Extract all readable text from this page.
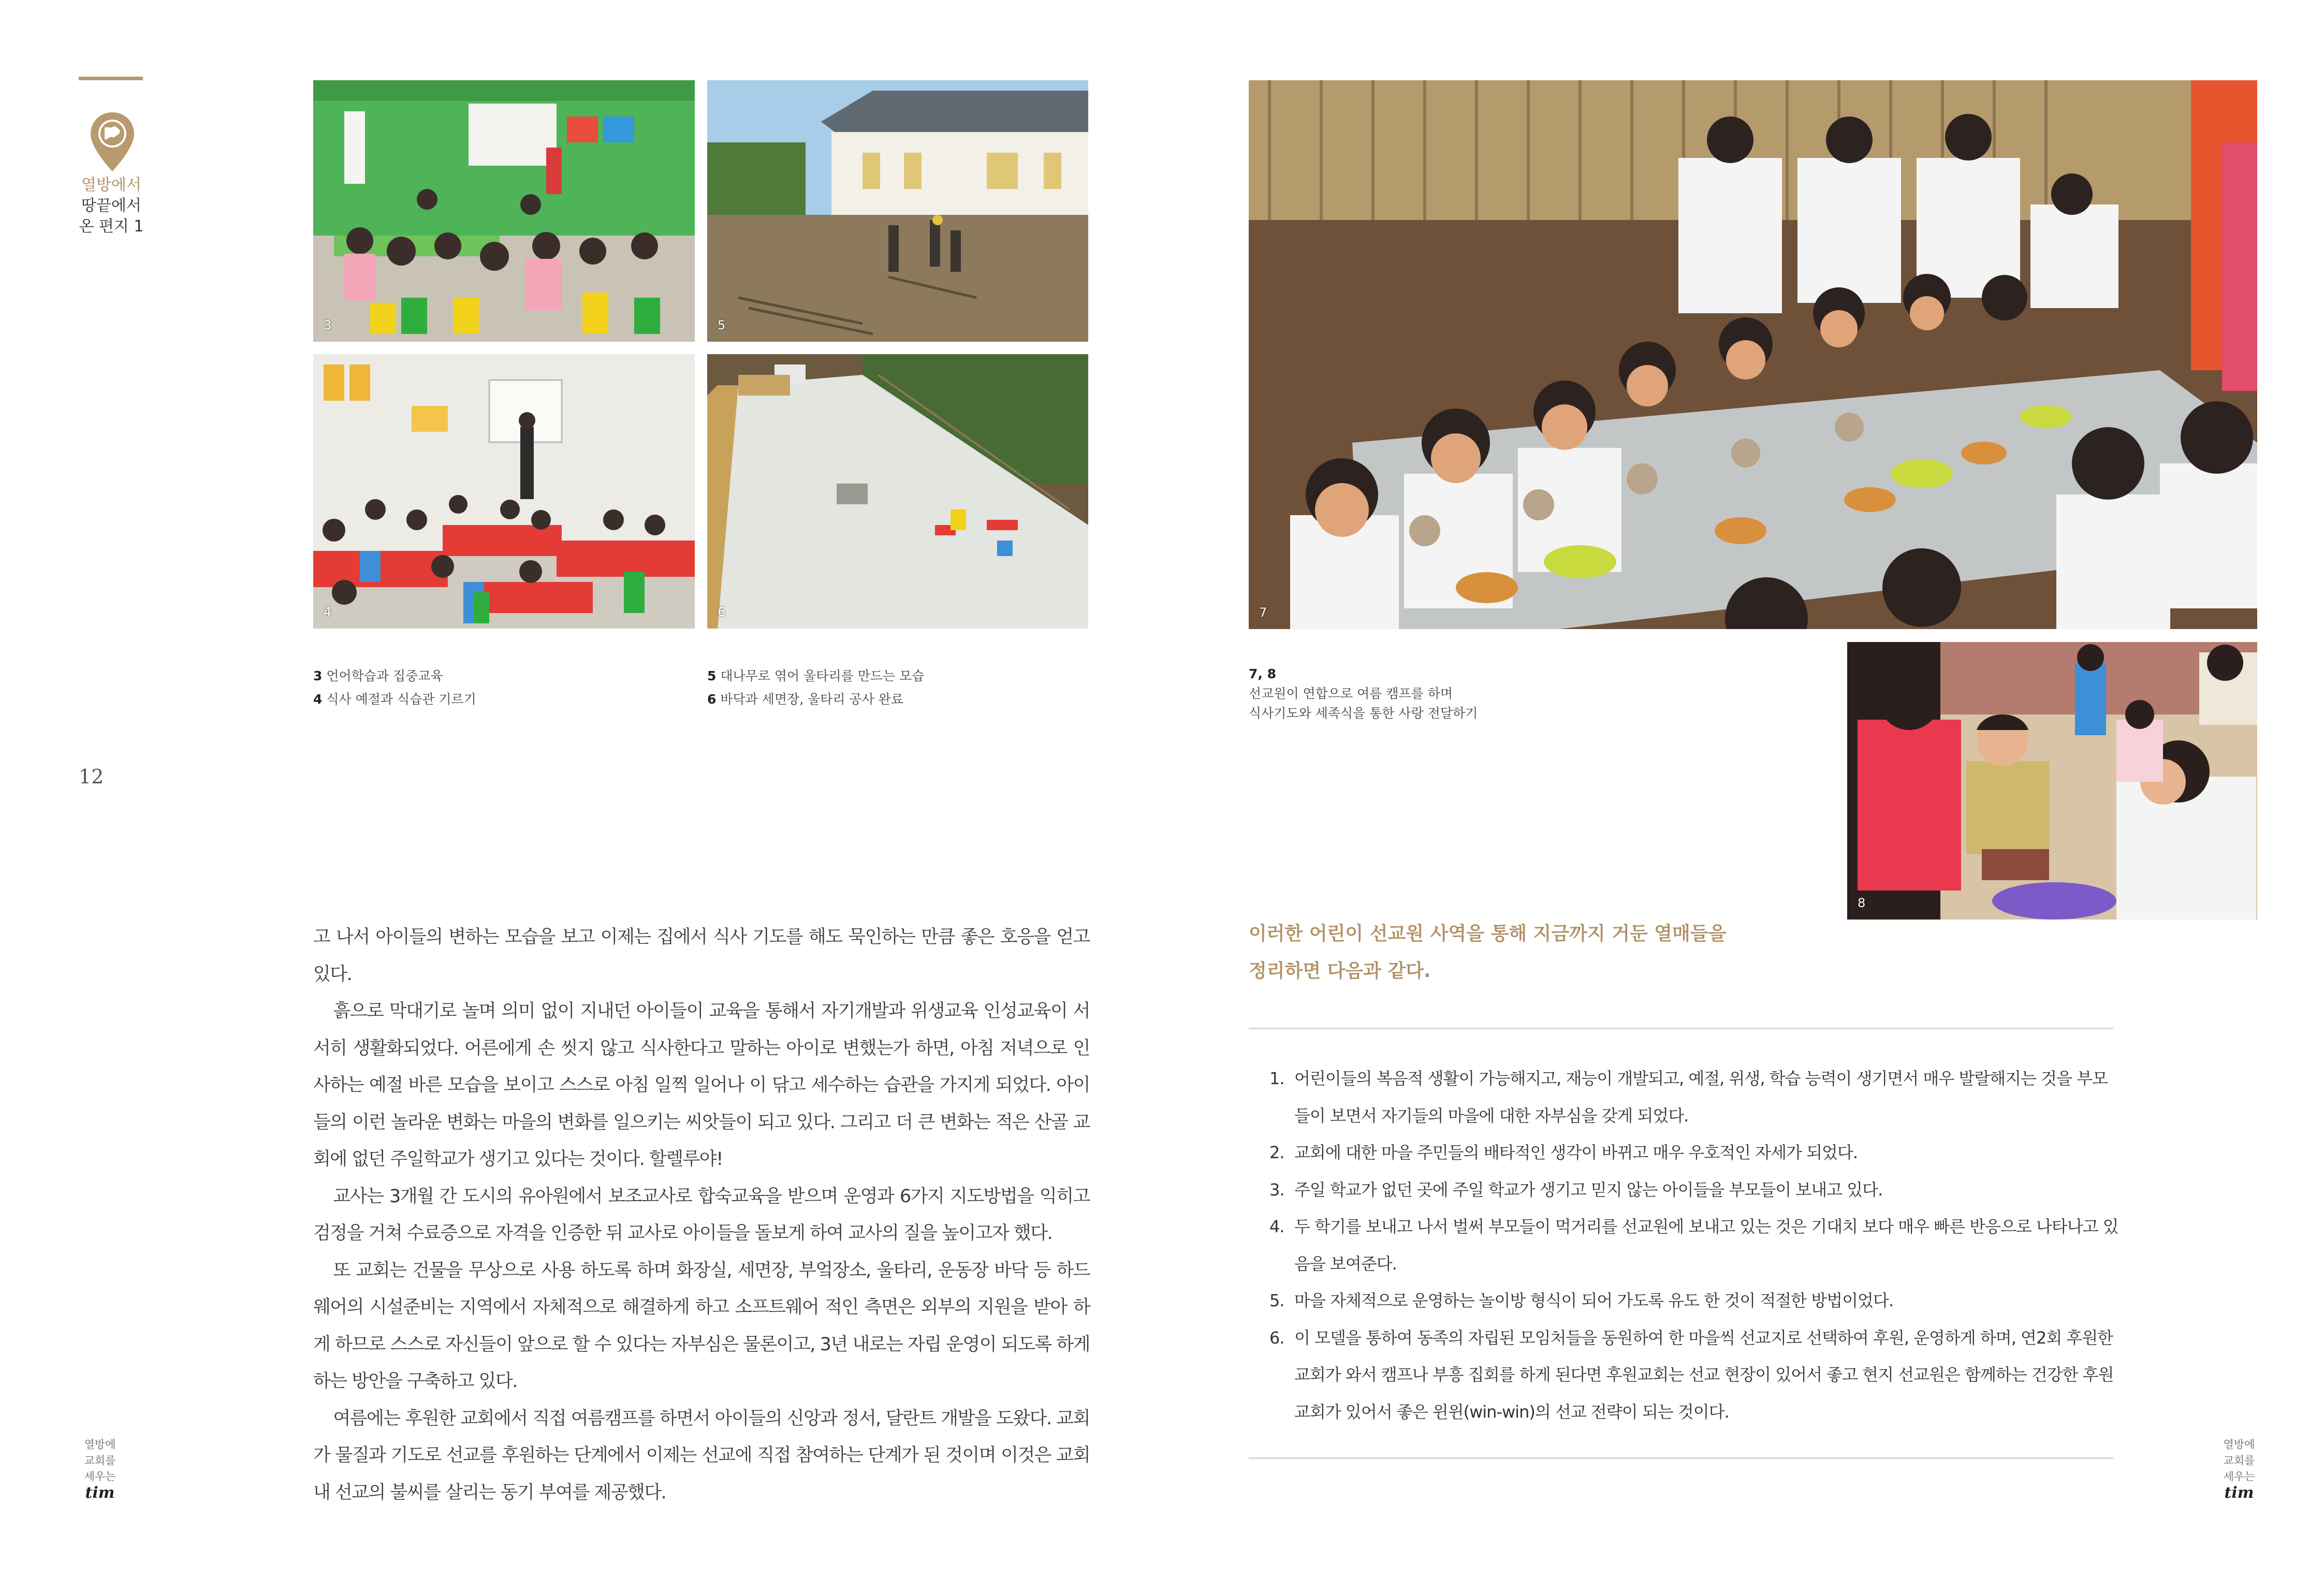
열방에서
땅끝에서
온 편지 1
12
3	5
4	6	7
8
3 언어학습과 집중교육
4 식사 예절과 식습관 기르기
5 대나무로 엮어 울타리를 만드는 모습
6 바닥과 세면장, 울타리 공사 완료
7, 8
선교원이 연합으로 여름 캠프를 하며
식사기도와 세족식을 통한 사랑 전달하기

고 나서 아이들의 변하는 모습을 보고 이제는 집에서 식사 기도를 해도 묵인하는 만큼 좋은 호응을 얻고 있다.

흙으로 막대기로 놀며 의미 없이 지내던 아이들이 교육을 통해서 자기개발과 위생교육 인성교육이 서서히 생활화되었다. 어른에게 손 씻지 않고 식사한다고 말하는 아이로 변했는가 하면, 아침 저녁으로 인사하는 예절 바른 모습을 보이고 스스로 아침 일찍 일어나 이 닦고 세수하는 습관을 가지게 되었다. 아이들의 이런 놀라운 변화는 마을의 변화를 일으키는 씨앗들이 되고 있다. 그리고 더 큰 변화는 적은 산골 교회에 없던 주일학교가 생기고 있다는 것이다. 할렐루야!

교사는 3개월 간 도시의 유아원에서 보조교사로 합숙교육을 받으며 운영과 6가지 지도방법을 익히고 검정을 거쳐 수료증으로 자격을 인증한 뒤 교사로 아이들을 돌보게 하여 교사의 질을 높이고자 했다.

또 교회는 건물을 무상으로 사용 하도록 하며 화장실, 세면장, 부엌장소, 울타리, 운동장 바닥 등 하드웨어의 시설준비는 지역에서 자체적으로 해결하게 하고 소프트웨어 적인 측면은 외부의 지원을 받아 하게 하므로 스스로 자신들이 앞으로 할 수 있다는 자부심은 물론이고, 3년 내로는 자립 운영이 되도록 하게 하는 방안을 구축하고 있다.

여름에는 후원한 교회에서 직접 여름캠프를 하면서 아이들의 신앙과 정서, 달란트 개발을 도왔다. 교회가 물질과 기도로 선교를 후원하는 단계에서 이제는 선교에 직접 참여하는 단계가 된 것이며 이것은 교회 내 선교의 불씨를 살리는 동기 부여를 제공했다.

이러한 어린이 선교원 사역을 통해 지금까지 거둔 열매들을
정리하면 다음과 같다.
1. 어린이들의 복음적 생활이 가능해지고, 재능이 개발되고, 예절, 위생, 학습 능력이 생기면서 매우 발랄해지는 것을 부모들이 보면서 자기들의 마을에 대한 자부심을 갖게 되었다.
2. 교회에 대한 마을 주민들의 배타적인 생각이 바뀌고 매우 우호적인 자세가 되었다.
3. 주일 학교가 없던 곳에 주일 학교가 생기고 믿지 않는 아이들을 부모들이 보내고 있다.
4. 두 학기를 보내고 나서 벌써 부모들이 먹거리를 선교원에 보내고 있는 것은 기대치 보다 매우 빠른 반응으로 나타나고 있음을 보여준다.
5. 마을 자체적으로 운영하는 놀이방 형식이 되어 가도록 유도 한 것이 적절한 방법이었다.
6. 이 모델을 통하여 동족의 자립된 모임처들을 동원하여 한 마을씩 선교지로 선택하여 후원, 운영하게 하며, 연2회 후원한 교회가 와서 캠프나 부흥 집회를 하게 된다면 후원교회는 선교 현장이 있어서 좋고 현지 선교원은 함께하는 건강한 후원교회가 있어서 좋은 윈윈(win-win)의 선교 전략이 되는 것이다.
열방에
교회를
세우는
tim
열방에
교회를
세우는
tim
